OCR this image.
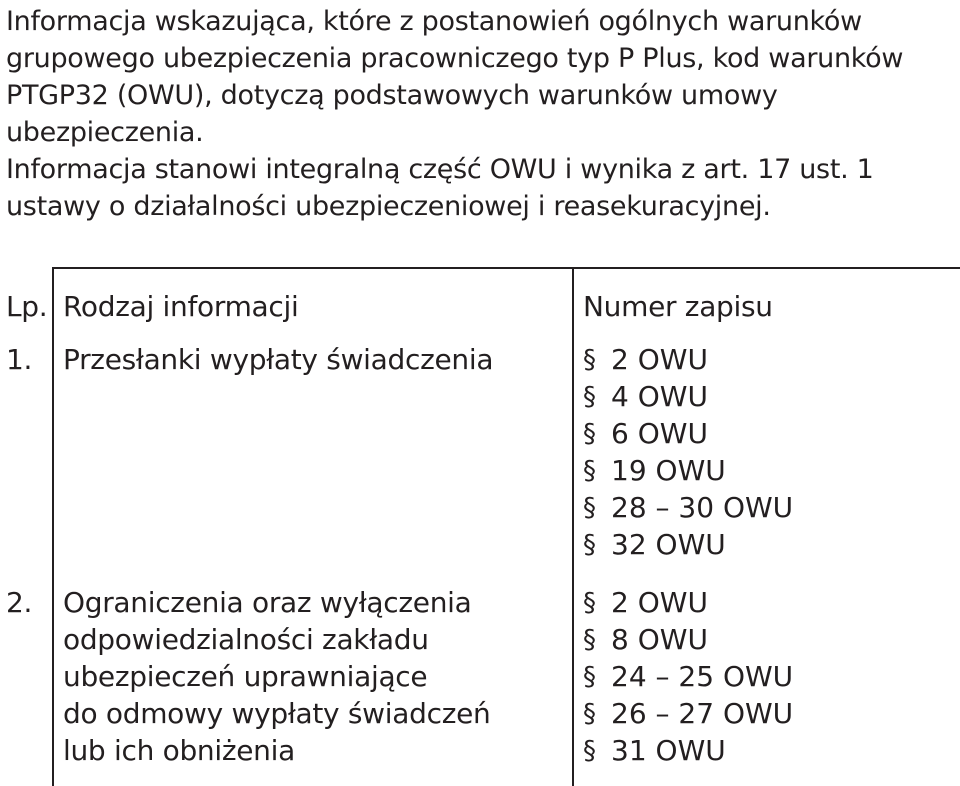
Informacja wskazująca, które z postanowień ogólnych warunków grupowego ubezpieczenia pracowniczego typ P Plus, kod warunków PTGP32 (OWU), dotyczą podstawowych warunków umowy ubezpieczenia.

Informacja stanowi integralną część OWU i wynika z art. 17 ust. 1 ustawy o działalności ubezpieczeniowej i reasekuracyjnej.

Lp. Rodzaj informacji	Numer zapisu
1. Przesłanki wypłaty świadczenia	§ 2 OWU
§ 4 OWU
§ 6 OWU
§ 19 OWU
§ 28 – 30 OWU
§ 32 OWU
2. Ograniczenia oraz wyłączenia
odpowiedzialności zakładu
ubezpieczeń uprawniające
do odmowy wypłaty świadczeń
lub ich obniżenia
§ 2 OWU
§ 8 OWU
§ 24 – 25 OWU
§ 26 – 27 OWU
§ 31 OWU
